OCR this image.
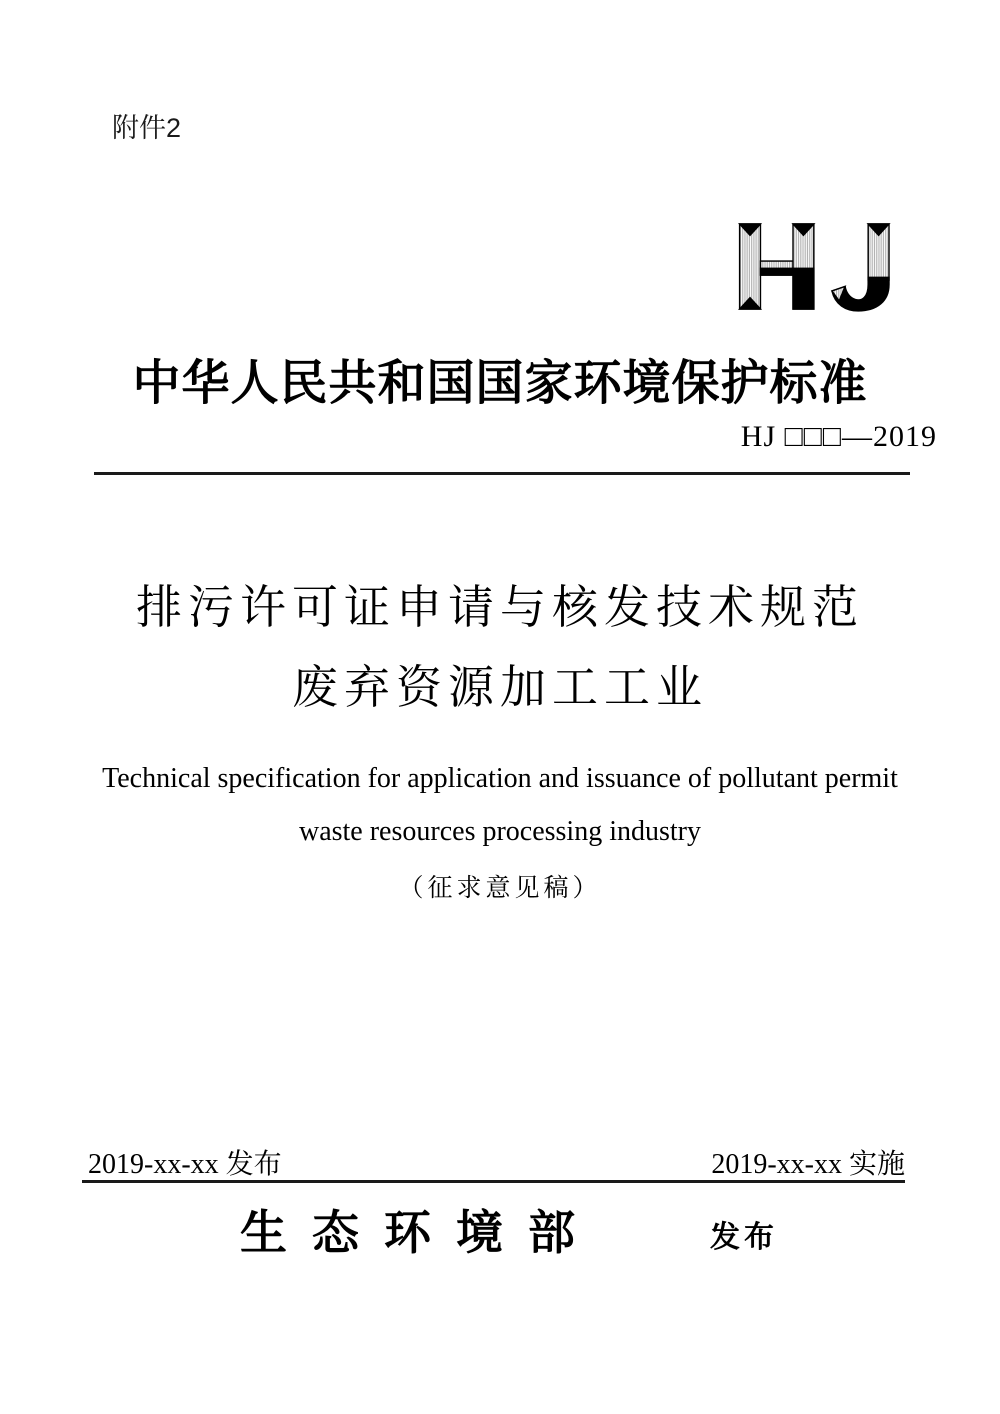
附件2
中华人民共和国国家环境保护标准
HJ □□□—2019
排污许可证申请与核发技术规范
废弃资源加工工业
Technical specification for application and issuance of pollutant permit
waste resources processing industry
（征求意见稿）
2019-xx-xx 发布	2019-xx-xx 实施
生态环境部	发布
